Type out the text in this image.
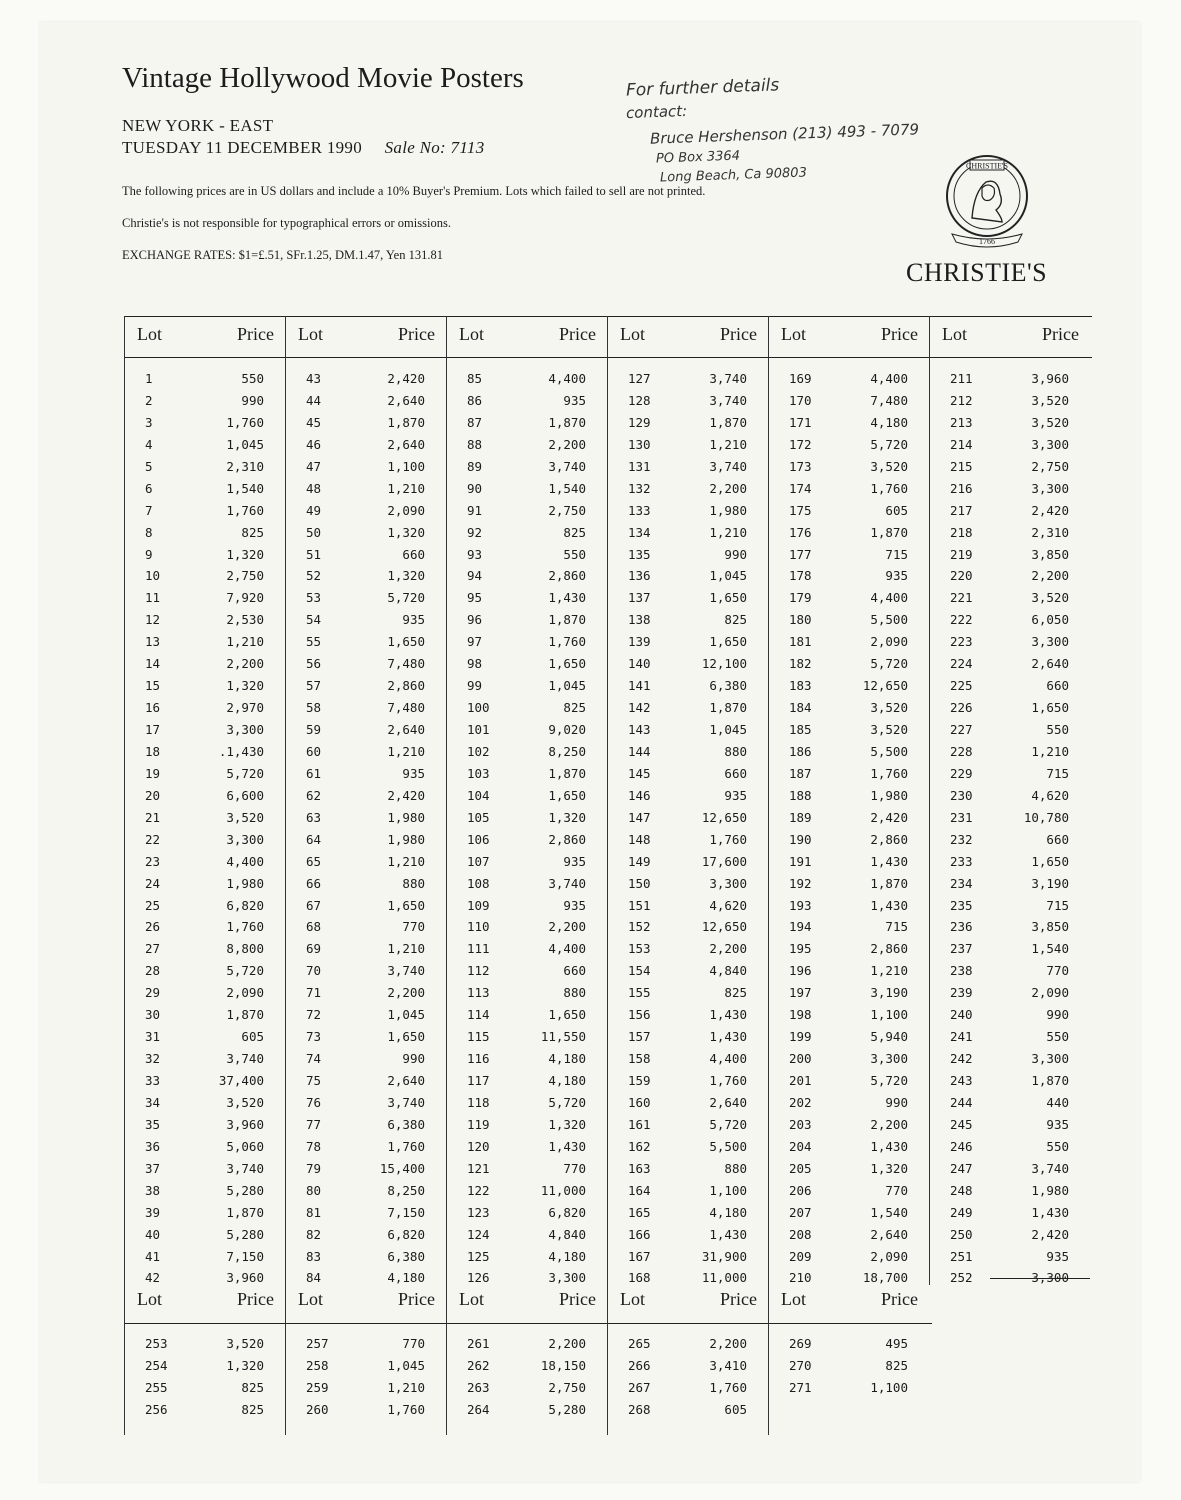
Vintage Hollywood Movie Posters
NEW YORK - EAST
TUESDAY 11 DECEMBER 1990 Sale No: 7113
The following prices are in US dollars and include a 10% Buyer's Premium. Lots which failed to sell are not printed.
Christie's is not responsible for typographical errors or omissions.
EXCHANGE RATES: $1=£.51, SFr.1.25, DM.1.47, Yen 131.81
For further details
contact:
Bruce Hershenson (213) 493 - 7079
PO Box 3364
Long Beach, Ca 90803	CHRISTIE'S
1766
CHRISTIE'S
Lot	Price
1	550
2	990
3	1,760
4	1,045
5	2,310
6	1,540
7	1,760
8	825
9	1,320
10	2,750
11	7,920
12	2,530
13	1,210
14	2,200
15	1,320
16	2,970
17	3,300
18	.1,430
19	5,720
20	6,600
21	3,520
22	3,300
23	4,400
24	1,980
25	6,820
26	1,760
27	8,800
28	5,720
29	2,090
30	1,870
31	605
32	3,740
33	37,400
34	3,520
35	3,960
36	5,060
37	3,740
38	5,280
39	1,870
40	5,280
41	7,150
42	3,960
Lot	Price
43	2,420
44	2,640
45	1,870
46	2,640
47	1,100
48	1,210
49	2,090
50	1,320
51	660
52	1,320
53	5,720
54	935
55	1,650
56	7,480
57	2,860
58	7,480
59	2,640
60	1,210
61	935
62	2,420
63	1,980
64	1,980
65	1,210
66	880
67	1,650
68	770
69	1,210
70	3,740
71	2,200
72	1,045
73	1,650
74	990
75	2,640
76	3,740
77	6,380
78	1,760
79	15,400
80	8,250
81	7,150
82	6,820
83	6,380
84	4,180
Lot	Price
85	4,400
86	935
87	1,870
88	2,200
89	3,740
90	1,540
91	2,750
92	825
93	550
94	2,860
95	1,430
96	1,870
97	1,760
98	1,650
99	1,045
100	825
101	9,020
102	8,250
103	1,870
104	1,650
105	1,320
106	2,860
107	935
108	3,740
109	935
110	2,200
111	4,400
112	660
113	880
114	1,650
115	11,550
116	4,180
117	4,180
118	5,720
119	1,320
120	1,430
121	770
122	11,000
123	6,820
124	4,840
125	4,180
126	3,300
Lot	Price
127	3,740
128	3,740
129	1,870
130	1,210
131	3,740
132	2,200
133	1,980
134	1,210
135	990
136	1,045
137	1,650
138	825
139	1,650
140	12,100
141	6,380
142	1,870
143	1,045
144	880
145	660
146	935
147	12,650
148	1,760
149	17,600
150	3,300
151	4,620
152	12,650
153	2,200
154	4,840
155	825
156	1,430
157	1,430
158	4,400
159	1,760
160	2,640
161	5,720
162	5,500
163	880
164	1,100
165	4,180
166	1,430
167	31,900
168	11,000
Lot	Price
169	4,400
170	7,480
171	4,180
172	5,720
173	3,520
174	1,760
175	605
176	1,870
177	715
178	935
179	4,400
180	5,500
181	2,090
182	5,720
183	12,650
184	3,520
185	3,520
186	5,500
187	1,760
188	1,980
189	2,420
190	2,860
191	1,430
192	1,870
193	1,430
194	715
195	2,860
196	1,210
197	3,190
198	1,100
199	5,940
200	3,300
201	5,720
202	990
203	2,200
204	1,430
205	1,320
206	770
207	1,540
208	2,640
209	2,090
210	18,700
Lot	Price
211	3,960
212	3,520
213	3,520
214	3,300
215	2,750
216	3,300
217	2,420
218	2,310
219	3,850
220	2,200
221	3,520
222	6,050
223	3,300
224	2,640
225	660
226	1,650
227	550
228	1,210
229	715
230	4,620
231	10,780
232	660
233	1,650
234	3,190
235	715
236	3,850
237	1,540
238	770
239	2,090
240	990
241	550
242	3,300
243	1,870
244	440
245	935
246	550
247	3,740
248	1,980
249	1,430
250	2,420
251	935
252	3,300
Lot	Price
253	3,520
254	1,320
255	825
256	825
Lot	Price
257	770
258	1,045
259	1,210
260	1,760
Lot	Price
261	2,200
262	18,150
263	2,750
264	5,280
Lot	Price
265	2,200
266	3,410
267	1,760
268	605
Lot	Price
269	495
270	825
271	1,100
